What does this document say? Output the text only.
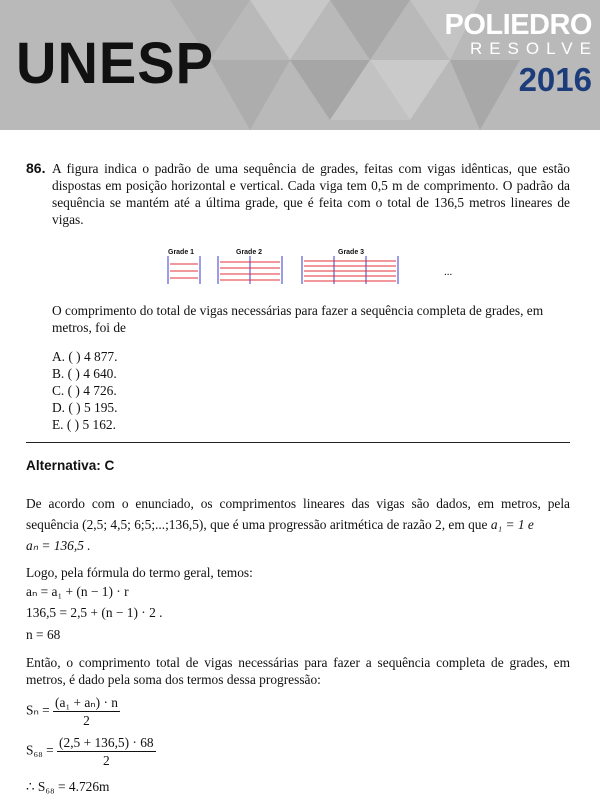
UNESP
POLIEDRO
RESOLVE
2016
86. A figura indica o padrão de uma sequência de grades, feitas com vigas idênticas, que estão dispostas em posição horizontal e vertical. Cada viga tem 0,5 m de comprimento. O padrão da sequência se mantém até a última grade, que é feita com o total de 136,5 metros lineares de vigas.
Grade 1	Grade 2	Grade 3
...
O comprimento do total de vigas necessárias para fazer a sequência completa de grades, em metros, foi de
A. ( ) 4 877.
B. ( ) 4 640.
C. ( ) 4 726.
D. ( ) 5 195.
E. ( ) 5 162.
Alternativa: C
De acordo com o enunciado, os comprimentos lineares das vigas são dados, em metros, pela sequência (2,5; 4,5; 6;5;...;136,5), que é uma progressão aritmética de razão 2, em que a₁ = 1 e
aₙ = 136,5 .
Logo, pela fórmula do termo geral, temos:
aₙ = a₁ + (n − 1) · r
136,5 = 2,5 + (n − 1) · 2 .
n = 68
Então, o comprimento total de vigas necessárias para fazer a sequência completa de grades, em metros, é dado pela soma dos termos dessa progressão:
$S_n = \frac{\text{(a₁ + aₙ) · n}}{2}$
$S_{68} = \frac{(2,5 + 136,5) \cdot 68}{2}$
∴ S₆₈ = 4.726m
